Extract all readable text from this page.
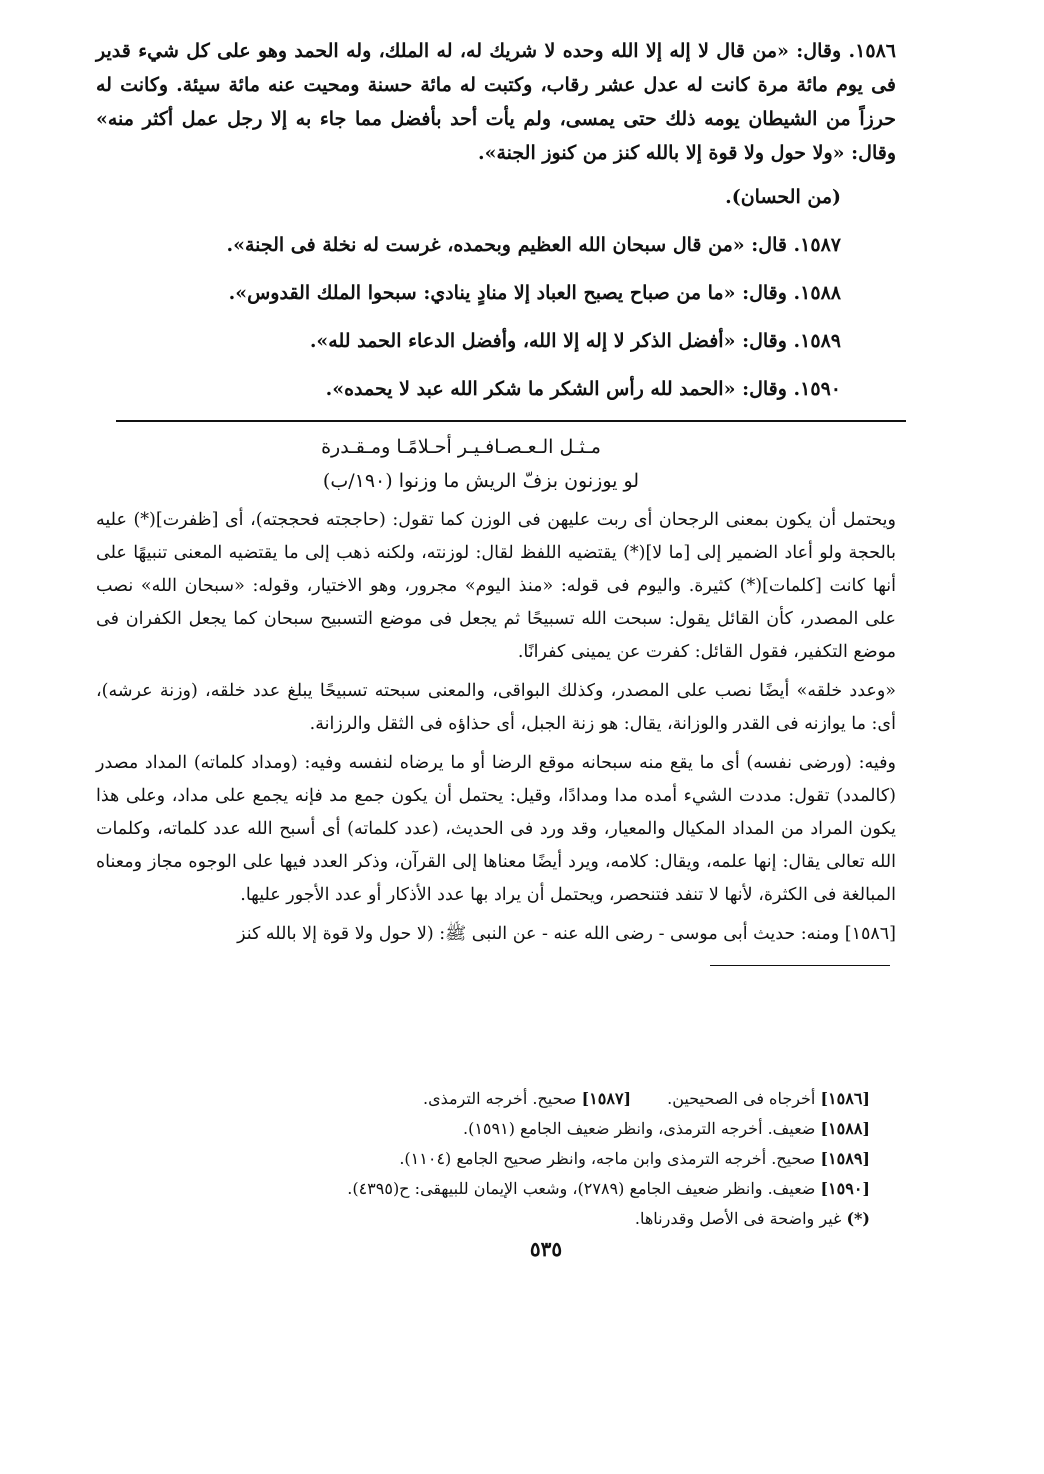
١٥٨٦. وقال: «من قال لا إله إلا الله وحده لا شريك له، له الملك، وله الحمد وهو على كل شيء قدير فى يوم مائة مرة كانت له عدل عشر رقاب، وكتبت له مائة حسنة ومحيت عنه مائة سيئة. وكانت له حرزاً من الشيطان يومه ذلك حتى يمسى، ولم يأت أحد بأفضل مما جاء به إلا رجل عمل أكثر منه» وقال: «ولا حول ولا قوة إلا بالله كنز من كنوز الجنة».

(من الحسان).

١٥٨٧. قال: «من قال سبحان الله العظيم وبحمده، غرست له نخلة فى الجنة».

١٥٨٨. وقال: «ما من صباح يصبح العباد إلا منادٍ ينادي: سبحوا الملك القدوس».

١٥٨٩. وقال: «أفضل الذكر لا إله إلا الله، وأفضل الدعاء الحمد لله».

١٥٩٠. وقال: «الحمد لله رأس الشكر ما شكر الله عبد لا يحمده».

مـثـل الـعـصـافـيـر أحـلامًـا ومـقـدرة

لو يوزنون بزفّ الريش ما وزنوا (١٩٠/ب)

ويحتمل أن يكون بمعنى الرجحان أى ربت عليهن فى الوزن كما تقول: (حاججته فحججته)، أى [ظفرت](*) عليه بالحجة ولو أعاد الضمير إلى [ما لا](*) يقتضيه اللفظ لقال: لوزنته، ولكنه ذهب إلى ما يقتضيه المعنى تنبيهًا على أنها كانت [كلمات](*) كثيرة. واليوم فى قوله: «منذ اليوم» مجرور، وهو الاختيار، وقوله: «سبحان الله» نصب على المصدر، كأن القائل يقول: سبحت الله تسبيحًا ثم يجعل فى موضع التسبيح سبحان كما يجعل الكفران فى موضع التكفير، فقول القائل: كفرت عن يمينى كفرانًا.

«وعدد خلقه» أيضًا نصب على المصدر، وكذلك البواقى، والمعنى سبحته تسبيحًا يبلغ عدد خلقه، (وزنة عرشه)، أى: ما يوازنه فى القدر والوزانة، يقال: هو زنة الجبل، أى حذاؤه فى الثقل والرزانة.

وفيه: (ورضى نفسه) أى ما يقع منه سبحانه موقع الرضا أو ما يرضاه لنفسه وفيه: (ومداد كلماته) المداد مصدر (كالمدد) تقول: مددت الشيء أمده مدا ومدادًا، وقيل: يحتمل أن يكون جمع مد فإنه يجمع على مداد، وعلى هذا يكون المراد من المداد المكيال والمعيار، وقد ورد فى الحديث، (عدد كلماته) أى أسبح الله عدد كلماته، وكلمات الله تعالى يقال: إنها علمه، ويقال: كلامه، ويرد أيضًا معناها إلى القرآن، وذكر العدد فيها على الوجوه مجاز ومعناه المبالغة فى الكثرة، لأنها لا تنفد فتنحصر، ويحتمل أن يراد بها عدد الأذكار أو عدد الأجور عليها.

[١٥٨٦] ومنه: حديث أبى موسى - رضى الله عنه - عن النبى ﷺ: (لا حول ولا قوة إلا بالله كنز

[١٥٨٦] أخرجاه فى الصحيحين.
[١٥٨٧] صحيح. أخرجه الترمذى.
[١٥٨٨] ضعيف. أخرجه الترمذى، وانظر ضعيف الجامع (١٥٩١).
[١٥٨٩] صحيح. أخرجه الترمذى وابن ماجه، وانظر صحيح الجامع (١١٠٤).
[١٥٩٠] ضعيف. وانظر ضعيف الجامع (٢٧٨٩)، وشعب الإيمان للبيهقى: ح(٤٣٩٥).
(*) غير واضحة فى الأصل وقدرناها.
٥٣٥
